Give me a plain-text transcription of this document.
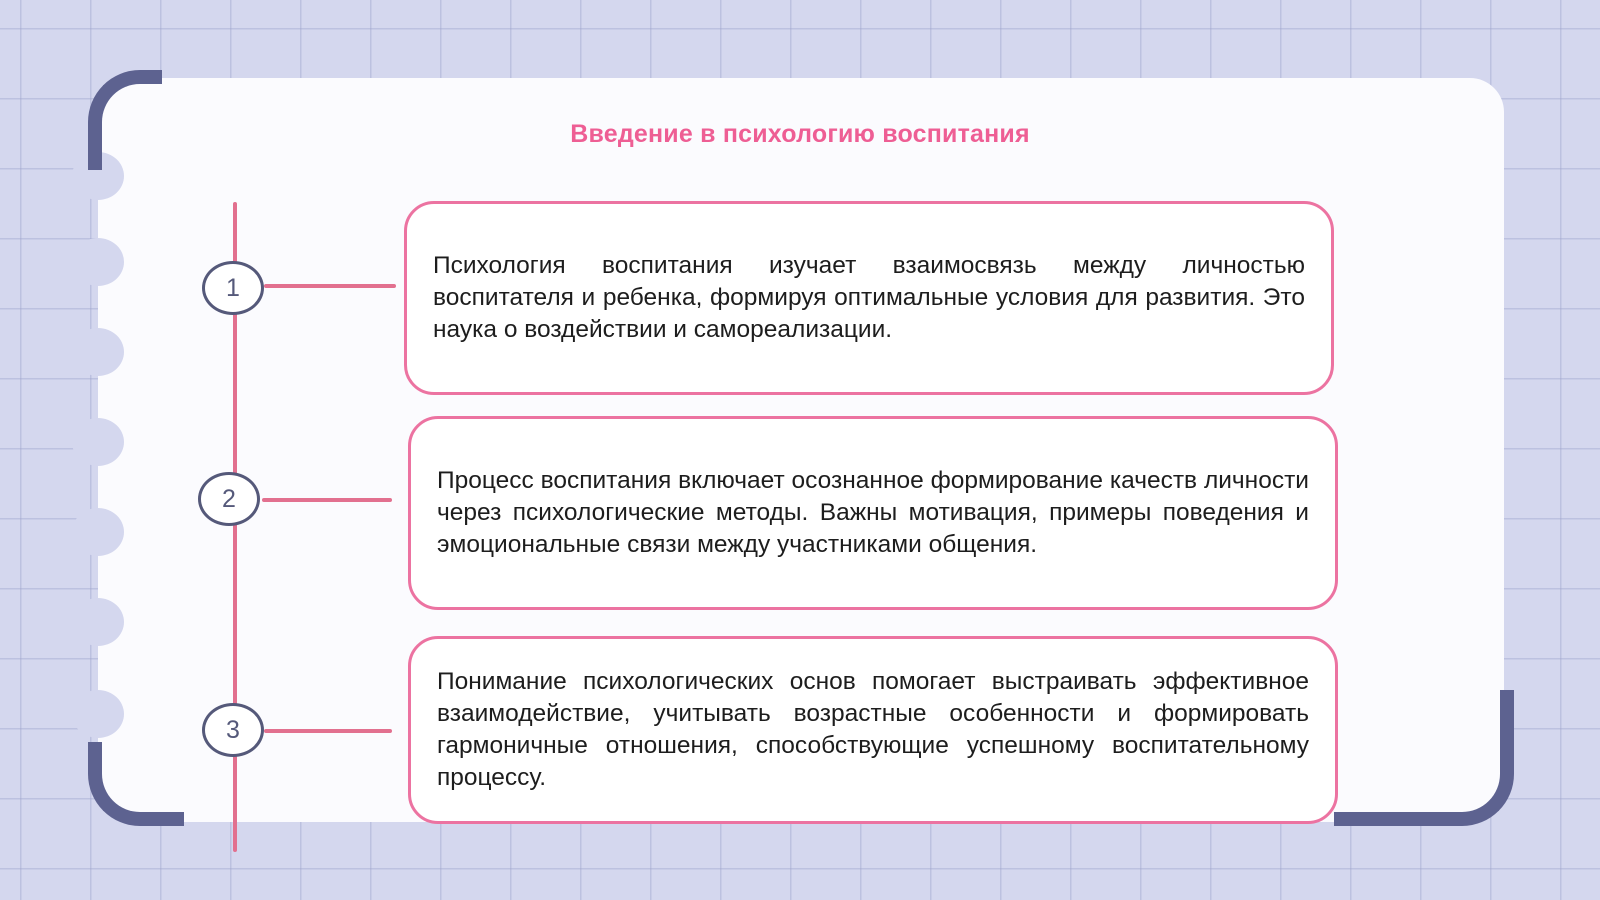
Введение в психологию воспитания
1
2
3

Психология воспитания изучает взаимосвязь между личностью воспитателя и ребенка, формируя оптимальные условия для развития. Это наука о воздействии и самореализации.

Процесс воспитания включает осознанное формирование качеств личности через психологические методы. Важны мотивация, примеры поведения и эмоциональные связи между участниками общения.

Понимание психологических основ помогает выстраивать эффективное взаимодействие, учитывать возрастные особенности и формировать гармоничные отношения, способствующие успешному воспитательному процессу.
